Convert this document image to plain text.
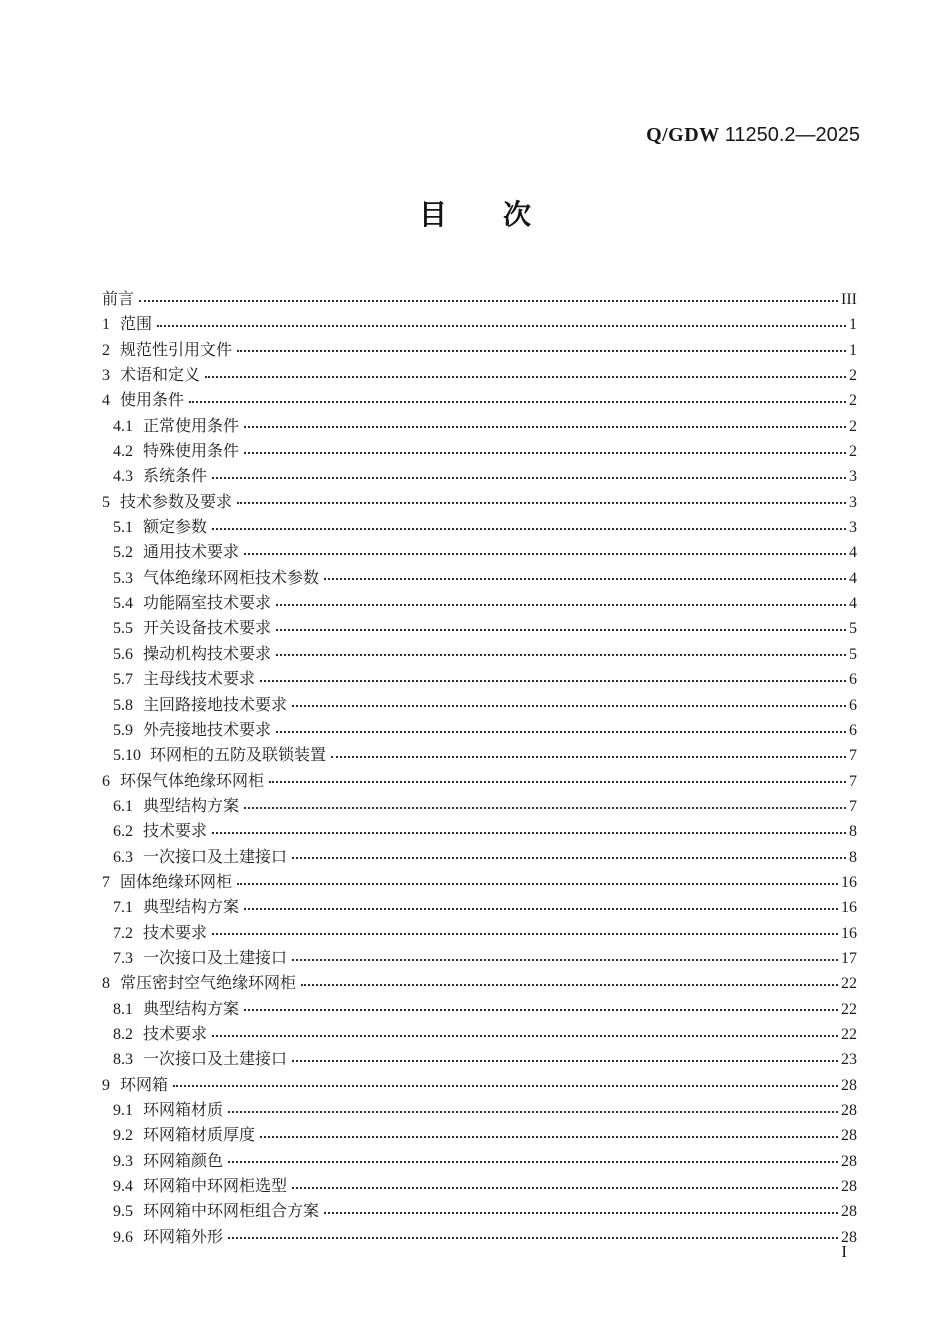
Q/GDW 11250.2—2025
目　　次
前言	III
1 范围	1
2 规范性引用文件	1
3 术语和定义	2
4 使用条件	2
4.1 正常使用条件	2
4.2 特殊使用条件	2
4.3 系统条件	3
5 技术参数及要求	3
5.1 额定参数	3
5.2 通用技术要求	4
5.3 气体绝缘环网柜技术参数	4
5.4 功能隔室技术要求	4
5.5 开关设备技术要求	5
5.6 操动机构技术要求	5
5.7 主母线技术要求	6
5.8 主回路接地技术要求	6
5.9 外壳接地技术要求	6
5.10 环网柜的五防及联锁装置	7
6 环保气体绝缘环网柜	7
6.1 典型结构方案	7
6.2 技术要求	8
6.3 一次接口及土建接口	8
7 固体绝缘环网柜	16
7.1 典型结构方案	16
7.2 技术要求	16
7.3 一次接口及土建接口	17
8 常压密封空气绝缘环网柜	22
8.1 典型结构方案	22
8.2 技术要求	22
8.3 一次接口及土建接口	23
9 环网箱	28
9.1 环网箱材质	28
9.2 环网箱材质厚度	28
9.3 环网箱颜色	28
9.4 环网箱中环网柜选型	28
9.5 环网箱中环网柜组合方案	28
9.6 环网箱外形	28
I
